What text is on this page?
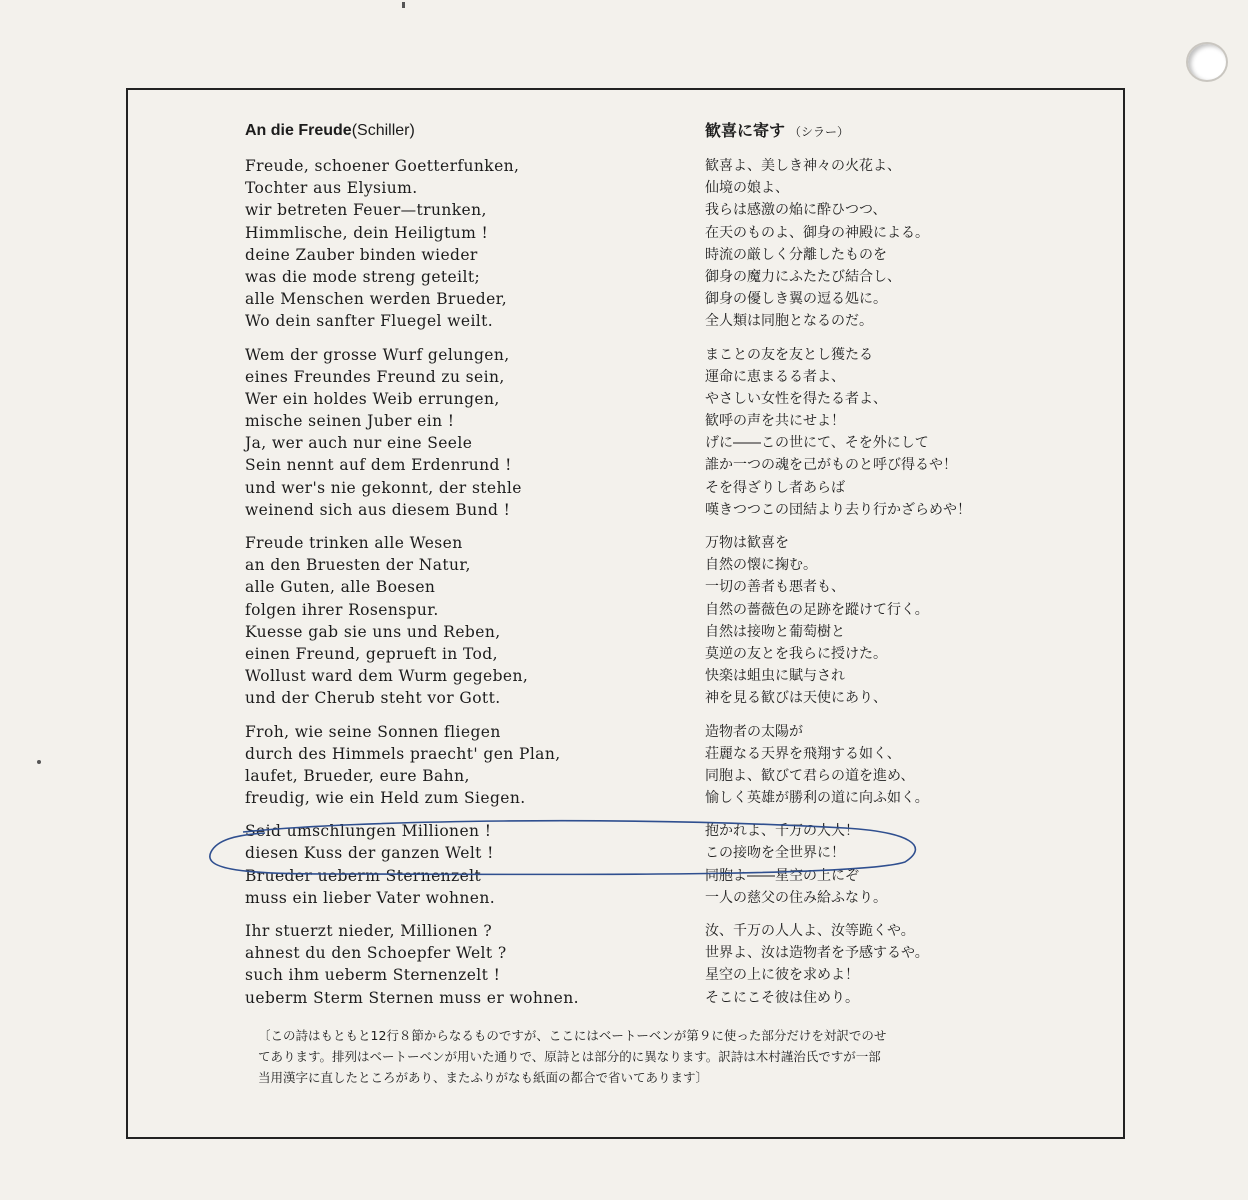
An die Freude(Schiller)
Freude, schoener Goetterfunken,
Tochter aus Elysium.
wir betreten Feuer—trunken,
Himmlische, dein Heiligtum !
deine Zauber binden wieder
was die mode streng geteilt;
alle Menschen werden Brueder,
Wo dein sanfter Fluegel weilt.
Wem der grosse Wurf gelungen,
eines Freundes Freund zu sein,
Wer ein holdes Weib errungen,
mische seinen Juber ein !
Ja, wer auch nur eine Seele
Sein nennt auf dem Erdenrund !
und wer's nie gekonnt, der stehle
weinend sich aus diesem Bund !
Freude trinken alle Wesen
an den Bruesten der Natur,
alle Guten, alle Boesen
folgen ihrer Rosenspur.
Kuesse gab sie uns und Reben,
einen Freund, geprueft in Tod,
Wollust ward dem Wurm gegeben,
und der Cherub steht vor Gott.
Froh, wie seine Sonnen fliegen
durch des Himmels praecht' gen Plan,
laufet, Brueder, eure Bahn,
freudig, wie ein Held zum Siegen.
Seid umschlungen Millionen !
diesen Kuss der ganzen Welt !
Brueder ueberm Sternenzelt
muss ein lieber Vater wohnen.
Ihr stuerzt nieder, Millionen ?
ahnest du den Schoepfer Welt ?
such ihm ueberm Sternenzelt !
ueberm Sterm Sternen muss er wohnen.
歓喜に寄す （シラー）
歓喜よ、美しき神々の火花よ、
仙境の娘よ、
我らは感激の焔に酔ひつつ、
在天のものよ、御身の神殿による。
時流の厳しく分離したものを
御身の魔力にふたたび結合し、
御身の優しき翼の逗る処に。
全人類は同胞となるのだ。
まことの友を友とし獲たる
運命に恵まるる者よ、
やさしい女性を得たる者よ、
歓呼の声を共にせよ！
げに――この世にて、そを外にして
誰か一つの魂を己がものと呼び得るや！
そを得ざりし者あらば
嘆きつつこの団結より去り行かざらめや！
万物は歓喜を
自然の懐に掬む。
一切の善者も悪者も、
自然の薔薇色の足跡を蹤けて行く。
自然は接吻と葡萄樹と
莫逆の友とを我らに授けた。
快楽は蛆虫に賦与され
神を見る歓びは天使にあり、
造物者の太陽が
荘麗なる天界を飛翔する如く、
同胞よ、歓びて君らの道を進め、
愉しく英雄が勝利の道に向ふ如く。
抱かれよ、千万の人人！
この接吻を全世界に！
同胞よ――星空の上にぞ
一人の慈父の住み給ふなり。
汝、千万の人人よ、汝等跪くや。
世界よ、汝は造物者を予感するや。
星空の上に彼を求めよ！
そこにこそ彼は住めり。
〔この詩はもともと12行８節からなるものですが、ここにはベートーベンが第９に使った部分だけを対訳でのせ
てあります。排列はベートーベンが用いた通りで、原詩とは部分的に異なります。訳詩は木村謹治氏ですが一部
当用漢字に直したところがあり、またふりがなも紙面の都合で省いてあります〕
